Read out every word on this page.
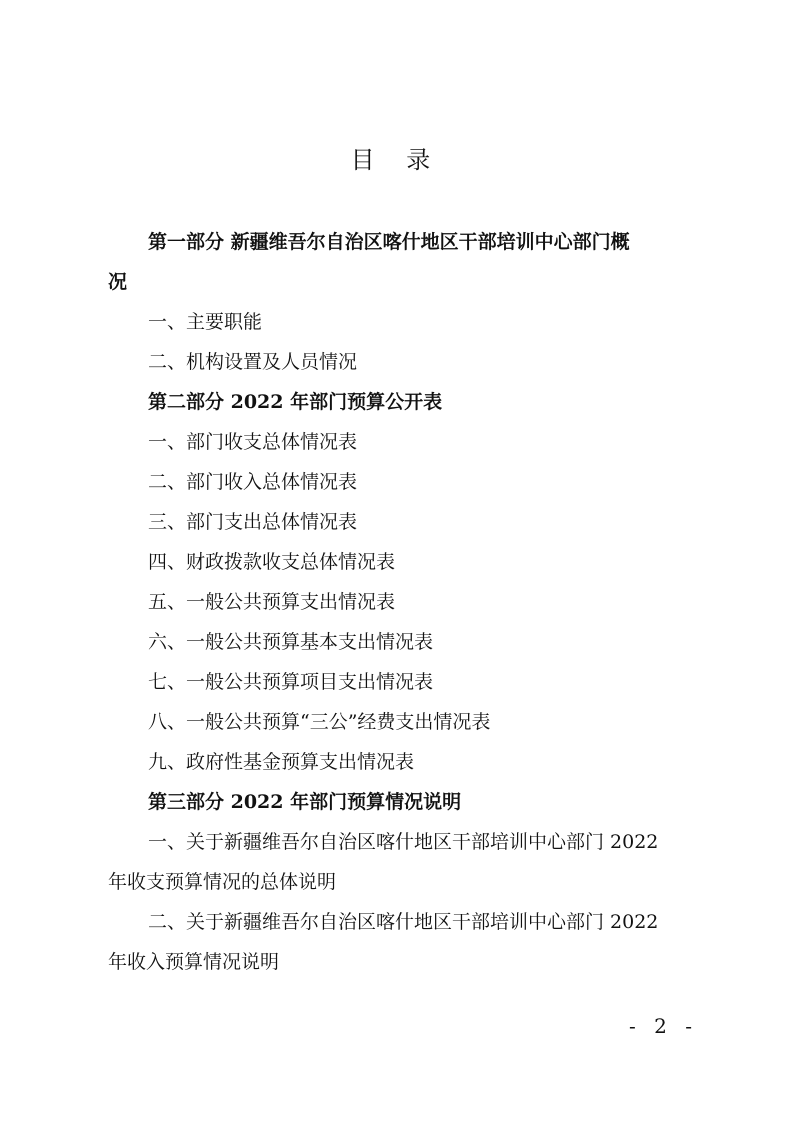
目 录
第一部分 新疆维吾尔自治区喀什地区干部培训中心部门概
况
一、主要职能
二、机构设置及人员情况
第二部分 2022 年部门预算公开表
一、部门收支总体情况表
二、部门收入总体情况表
三、部门支出总体情况表
四、财政拨款收支总体情况表
五、一般公共预算支出情况表
六、一般公共预算基本支出情况表
七、一般公共预算项目支出情况表
八、一般公共预算“三公”经费支出情况表
九、政府性基金预算支出情况表
第三部分 2022 年部门预算情况说明
一、关于新疆维吾尔自治区喀什地区干部培训中心部门 2022
年收支预算情况的总体说明
二、关于新疆维吾尔自治区喀什地区干部培训中心部门 2022
年收入预算情况说明
- 2 -
